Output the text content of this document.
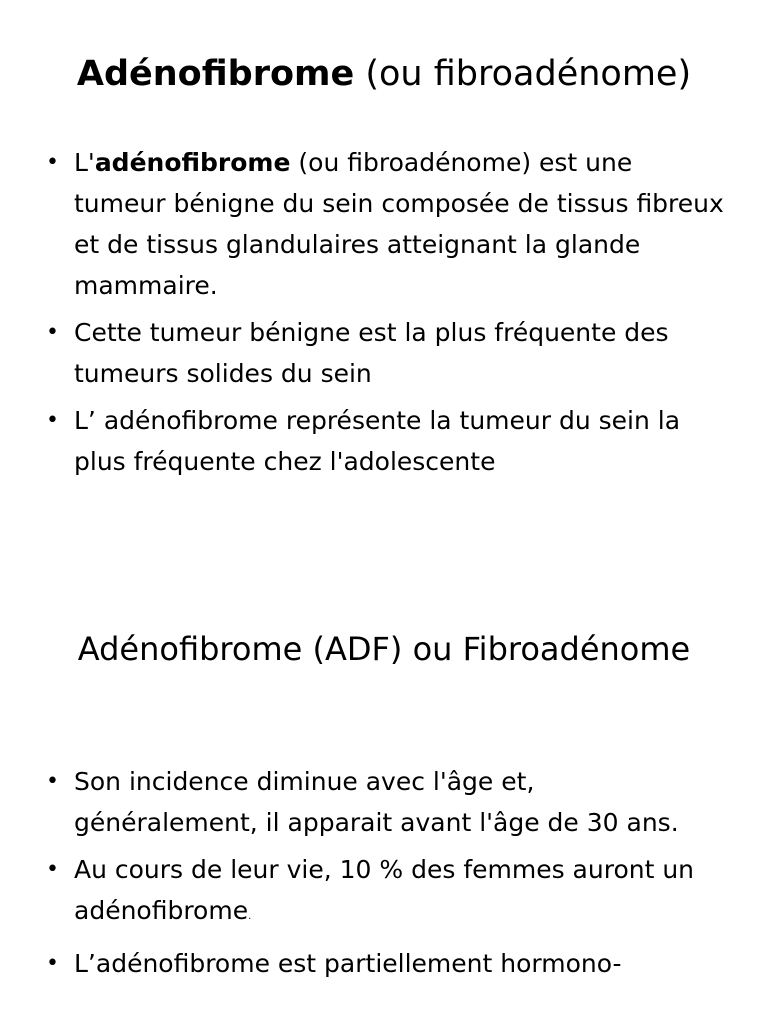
Adénofibrome (ou fibroadénome)
• L'adénofibrome (ou fibroadénome) est une tumeur bénigne du sein composée de tissus fibreux et de tissus glandulaires atteignant la glande mammaire.
• Cette tumeur bénigne est la plus fréquente des tumeurs solides du sein
• L’ adénofibrome représente la tumeur du sein la plus fréquente chez l'adolescente
Adénofibrome (ADF) ou Fibroadénome
• Son incidence diminue avec l'âge et, généralement, il apparait avant l'âge de 30 ans.
• Au cours de leur vie, 10 % des femmes auront un adénofibrome.
• L’adénofibrome est partiellement hormono-
